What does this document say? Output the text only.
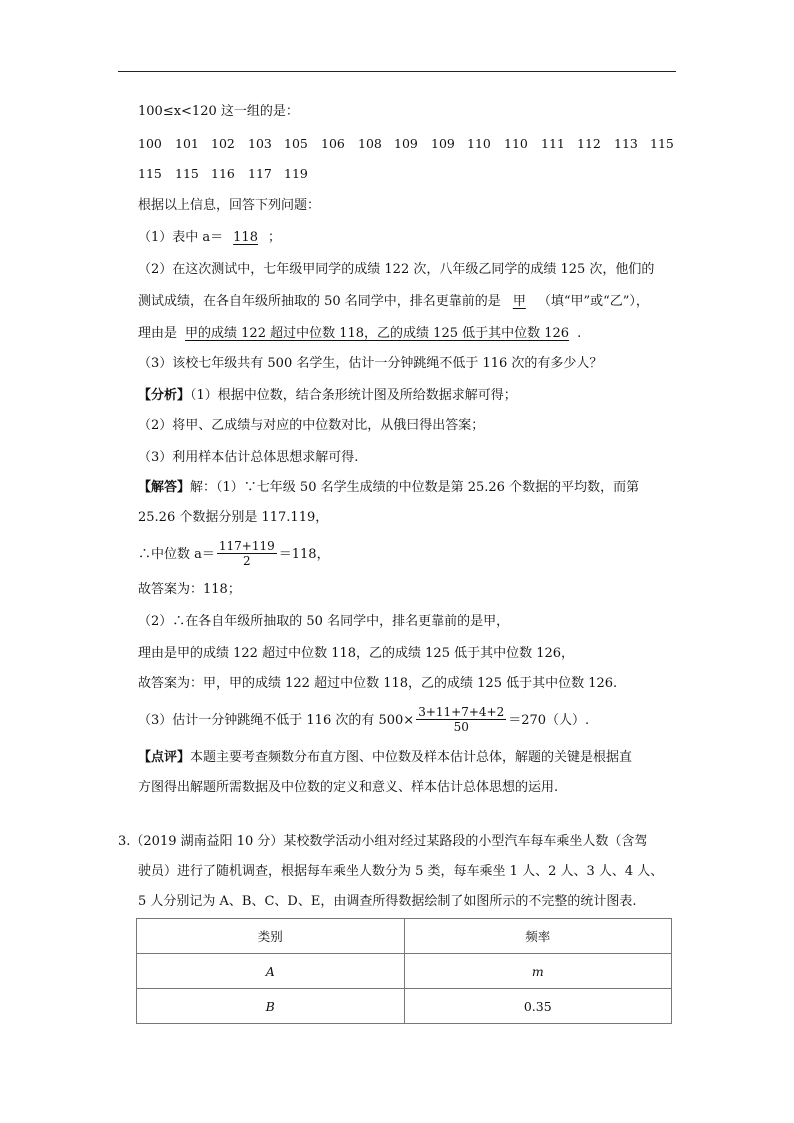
100≤x<120 这一组的是：
100 101 102 103 105 106 108 109 109 110 110 111 112 113 115
115 115 116 117 119
根据以上信息，回答下列问题：
（1）表中 a＝ 118 ；
（2）在这次测试中，七年级甲同学的成绩 122 次，八年级乙同学的成绩 125 次，他们的
测试成绩，在各自年级所抽取的 50 名同学中，排名更靠前的是 甲 （填“甲”或“乙”），
理由是 甲的成绩 122 超过中位数 118，乙的成绩 125 低于其中位数 126 .
（3）该校七年级共有 500 名学生，估计一分钟跳绳不低于 116 次的有多少人？
【分析】（1）根据中位数，结合条形统计图及所给数据求解可得；
（2）将甲、乙成绩与对应的中位数对比，从俄曰得出答案；
（3）利用样本估计总体思想求解可得.
【解答】解：（1）∵七年级 50 名学生成绩的中位数是第 25.26 个数据的平均数，而第
25.26 个数据分别是 117.119，
∴中位数 $a= \frac{117+119}{2} =118$，
故答案为：118；
（2）∴在各自年级所抽取的 50 名同学中，排名更靠前的是甲，
理由是甲的成绩 122 超过中位数 118，乙的成绩 125 低于其中位数 126，
故答案为：甲，甲的成绩 122 超过中位数 118，乙的成绩 125 低于其中位数 126.
（3）估计一分钟跳绳不低于 116 次的有 $500\times \frac{3+11+7+4+2}{50} =270$（人）.
【点评】本题主要考查频数分布直方图、中位数及样本估计总体，解题的关键是根据直
方图得出解题所需数据及中位数的定义和意义、样本估计总体思想的运用.
3.（2019 湖南益阳 10 分）某校数学活动小组对经过某路段的小型汽车每车乘坐人数（含驾
驶员）进行了随机调查，根据每车乘坐人数分为 5 类，每车乘坐 1 人、2 人、3 人、4 人、
5 人分别记为 A、B、C、D、E，由调查所得数据绘制了如图所示的不完整的统计图表.
类别	频率
A	m
B	0.35
